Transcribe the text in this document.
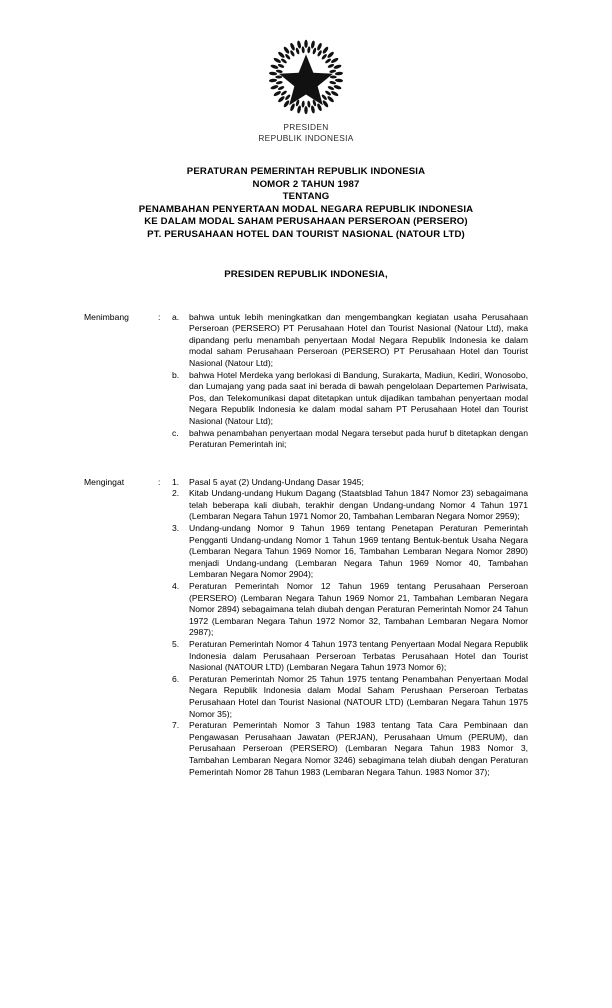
PRESIDEN
REPUBLIK INDONESIA
PERATURAN PEMERINTAH REPUBLIK INDONESIA
NOMOR 2 TAHUN 1987
TENTANG
PENAMBAHAN PENYERTAAN MODAL NEGARA REPUBLIK INDONESIA
KE DALAM MODAL SAHAM PERUSAHAAN PERSEROAN (PERSERO)
PT. PERUSAHAAN HOTEL DAN TOURIST NASIONAL (NATOUR LTD)
PRESIDEN REPUBLIK INDONESIA,
Menimbang	:	a.	bahwa untuk lebih meningkatkan dan mengembangkan kegiatan usaha Perusahaan Perseroan (PERSERO) PT Perusahaan Hotel dan Tourist Nasional (Natour Ltd), maka dipandang perlu menambah penyertaan Modal Negara Republik Indonesia ke dalam modal saham Perusahaan Perseroan (PERSERO) PT Perusahaan Hotel dan Tourist Nasional (Natour Ltd);
b.	bahwa Hotel Merdeka yang berlokasi di Bandung, Surakarta, Madiun, Kediri, Wonosobo, dan Lumajang yang pada saat ini berada di bawah pengelolaan Departemen Pariwisata, Pos, dan Telekomunikasi dapat ditetapkan untuk dijadikan tambahan penyertaan modal Negara Republik Indonesia ke dalam modal saham PT Perusahaan Hotel dan Tourist Nasional (Natour Ltd);
c.	bahwa penambahan penyertaan modal Negara tersebut pada huruf b ditetapkan dengan Peraturan Pemerintah ini;
Mengingat	:	1.	Pasal 5 ayat (2) Undang-Undang Dasar 1945;
2.	Kitab Undang-undang Hukum Dagang (Staatsblad Tahun 1847 Nomor 23) sebagaimana telah beberapa kali diubah, terakhir dengan Undang-undang Nomor 4 Tahun 1971 (Lembaran Negara Tahun 1971 Nomor 20, Tambahan Lembaran Negara Nomor 2959);
3.	Undang-undang Nomor 9 Tahun 1969 tentang Penetapan Peraturan Pemerintah Pengganti Undang-undang Nomor 1 Tahun 1969 tentang Bentuk-bentuk Usaha Negara (Lembaran Negara Tahun 1969 Nomor 16, Tambahan Lembaran Negara Nomor 2890) menjadi Undang-undang (Lembaran Negara Tahun 1969 Nomor 40, Tambahan Lembaran Negara Nomor 2904);
4.	Peraturan Pemerintah Nomor 12 Tahun 1969 tentang Perusahaan Perseroan (PERSERO) (Lembaran Negara Tahun 1969 Nomor 21, Tambahan Lembaran Negara Nomor 2894) sebagaimana telah diubah dengan Peraturan Pemerintah Nomor 24 Tahun 1972 (Lembaran Negara Tahun 1972 Nomor 32, Tambahan Lembaran Negara Nomor 2987);
5.	Peraturan Pemerintah Nomor 4 Tahun 1973 tentang Penyertaan Modal Negara Republik Indonesia dalam Perusahaan Perseroan Terbatas Perusahaan Hotel dan Tourist Nasional (NATOUR LTD) (Lembaran Negara Tahun 1973 Nomor 6);
6.	Peraturan Pemerintah Nomor 25 Tahun 1975 tentang Penambahan Penyertaan Modal Negara Republik Indonesia dalam Modal Saham Perushaan Perseroan Terbatas Perusahaan Hotel dan Tourist Nasional (NATOUR LTD) (Lembaran Negara Tahun 1975 Nomor 35);
7.	Peraturan Pemerintah Nomor 3 Tahun 1983 tentang Tata Cara Pembinaan dan Pengawasan Perusahaan Jawatan (PERJAN), Perusahaan Umum (PERUM), dan Perusahaan Perseroan (PERSERO) (Lembaran Negara Tahun 1983 Nomor 3, Tambahan Lembaran Negara Nomor 3246) sebagimana telah diubah dengan Peraturan Pemerintah Nomor 28 Tahun 1983 (Lembaran Negara Tahun. 1983 Nomor 37);
